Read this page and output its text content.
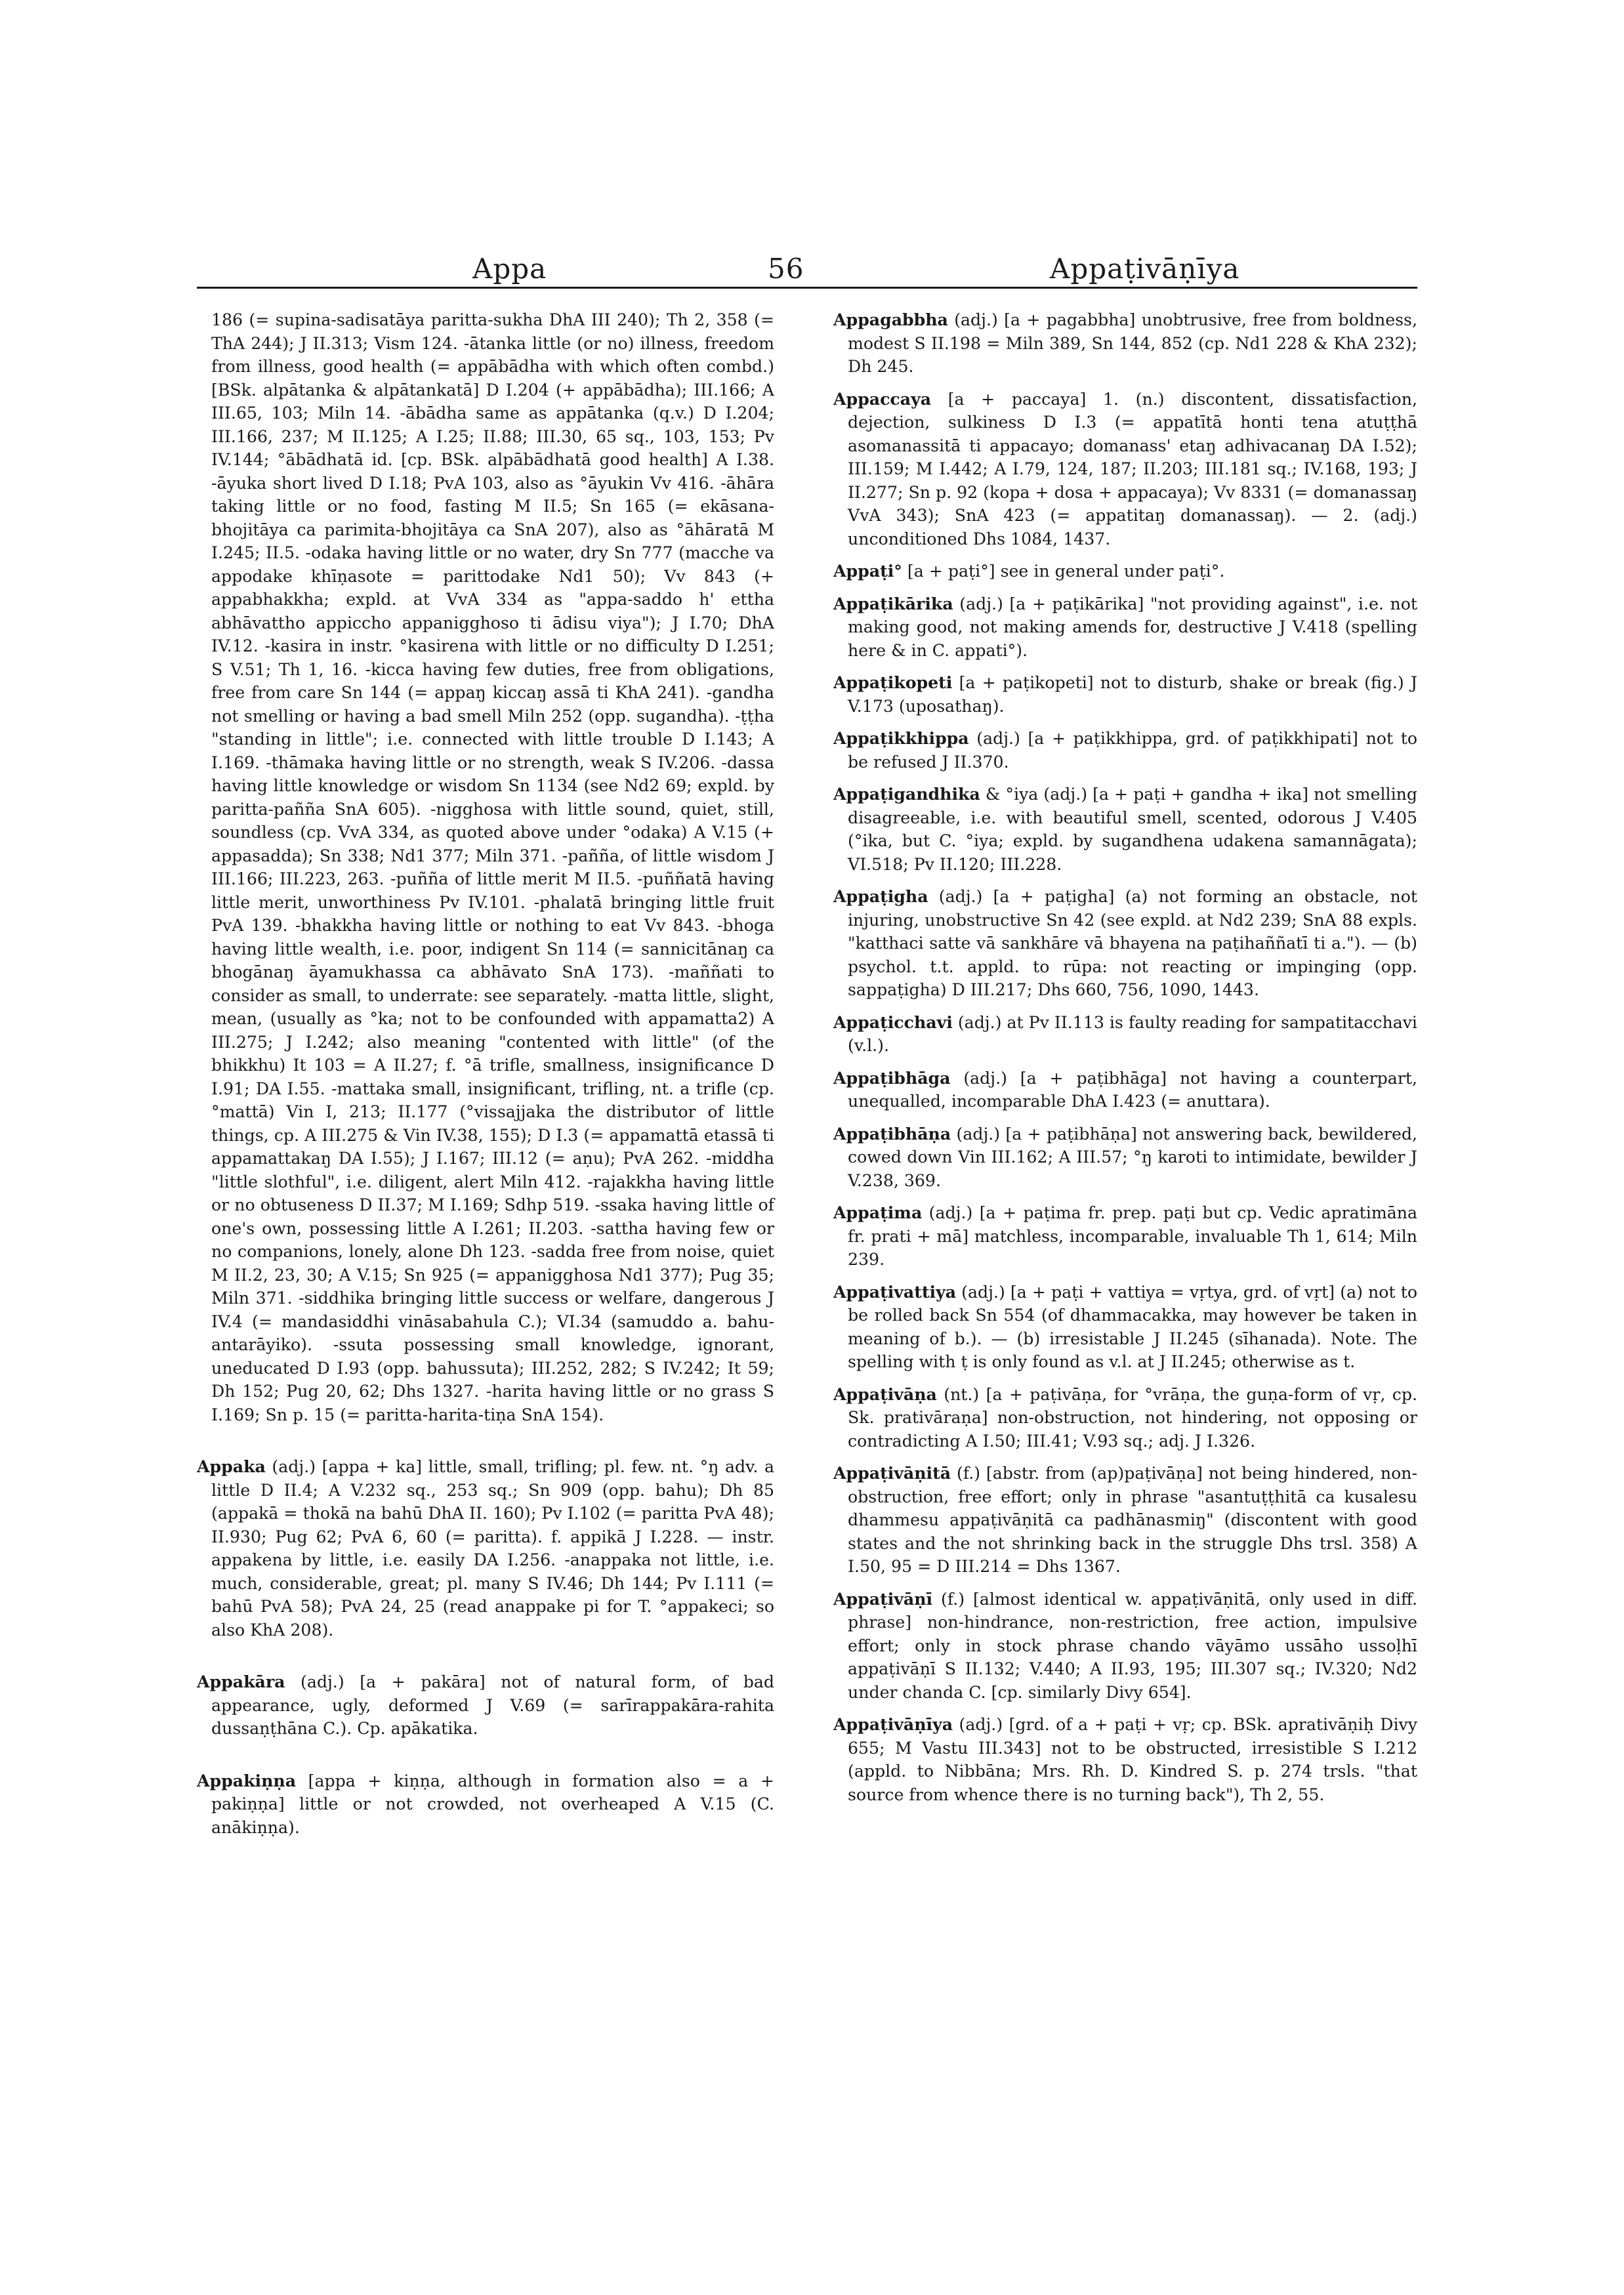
Appa	56	Appaṭivāṇīya

186 (= supina-sadisatāya paritta-sukha DhA III 240); Th 2, 358 (= ThA 244); J II.313; Vism 124. -ātanka little (or no) illness, freedom from illness, good health (= appābādha with which often combd.) [BSk. alpātanka & alpātankatā] D I.204 (+ appābādha); III.166; A III.65, 103; Miln 14. -ābādha same as appātanka (q.v.) D I.204; III.166, 237; M II.125; A I.25; II.88; III.30, 65 sq., 103, 153; Pv IV.144; °ābādhatā id. [cp. BSk. alpābādhatā good health] A I.38. -āyuka short lived D I.18; PvA 103, also as °āyukin Vv 416. -āhāra taking little or no food, fasting M II.5; Sn 165 (= ekāsana-bhojitāya ca parimita-bhojitāya ca SnA 207), also as °āhāratā M I.245; II.5. -odaka having little or no water, dry Sn 777 (macche va appodake khīṇasote = parittodake Nd1 50); Vv 843 (+ appabhakkha; expld. at VvA 334 as "appa-saddo h' ettha abhāvattho appiccho appanigghoso ti ādisu viya"); J I.70; DhA IV.12. -kasira in instr. °kasirena with little or no difficulty D I.251; S V.51; Th 1, 16. -kicca having few duties, free from obligations, free from care Sn 144 (= appaŋ kiccaŋ assā ti KhA 241). -gandha not smelling or having a bad smell Miln 252 (opp. sugandha). -ṭṭha "standing in little"; i.e. connected with little trouble D I.143; A I.169. -thāmaka having little or no strength, weak S IV.206. -dassa having little knowledge or wisdom Sn 1134 (see Nd2 69; expld. by paritta-pañña SnA 605). -nigghosa with little sound, quiet, still, soundless (cp. VvA 334, as quoted above under °odaka) A V.15 (+ appasadda); Sn 338; Nd1 377; Miln 371. -pañña, of little wisdom J III.166; III.223, 263. -puñña of little merit M II.5. -puññatā having little merit, unworthiness Pv IV.101. -phalatā bringing little fruit PvA 139. -bhakkha having little or nothing to eat Vv 843. -bhoga having little wealth, i.e. poor, indigent Sn 114 (= sannicitānaŋ ca bhogānaŋ āyamukhassa ca abhāvato SnA 173). -maññati to consider as small, to underrate: see separately. -matta little, slight, mean, (usually as °ka; not to be confounded with appamatta2) A III.275; J I.242; also meaning "contented with little" (of the bhikkhu) It 103 = A II.27; f. °ā trifle, smallness, insignificance D I.91; DA I.55. -mattaka small, insignificant, trifling, nt. a trifle (cp. °mattā) Vin I, 213; II.177 (°vissajjaka the distributor of little things, cp. A III.275 & Vin IV.38, 155); D I.3 (= appamattā etassā ti appamattakaŋ DA I.55); J I.167; III.12 (= aṇu); PvA 262. -middha "little slothful", i.e. diligent, alert Miln 412. -rajakkha having little or no obtuseness D II.37; M I.169; Sdhp 519. -ssaka having little of one's own, possessing little A I.261; II.203. -sattha having few or no companions, lonely, alone Dh 123. -sadda free from noise, quiet M II.2, 23, 30; A V.15; Sn 925 (= appanigghosa Nd1 377); Pug 35; Miln 371. -siddhika bringing little success or welfare, dangerous J IV.4 (= mandasiddhi vināsabahula C.); VI.34 (samuddo a. bahu-antarāyiko). -ssuta possessing small knowledge, ignorant, uneducated D I.93 (opp. bahussuta); III.252, 282; S IV.242; It 59; Dh 152; Pug 20, 62; Dhs 1327. -harita having little or no grass S I.169; Sn p. 15 (= paritta-harita-tiṇa SnA 154).

Appaka (adj.) [appa + ka] little, small, trifling; pl. few. nt. °ŋ adv. a little D II.4; A V.232 sq., 253 sq.; Sn 909 (opp. bahu); Dh 85 (appakā = thokā na bahū DhA II. 160); Pv I.102 (= paritta PvA 48); II.930; Pug 62; PvA 6, 60 (= paritta). f. appikā J I.228. — instr. appakena by little, i.e. easily DA I.256. -anappaka not little, i.e. much, considerable, great; pl. many S IV.46; Dh 144; Pv I.111 (= bahū PvA 58); PvA 24, 25 (read anappake pi for T. °appakeci; so also KhA 208).

Appakāra (adj.) [a + pakāra] not of natural form, of bad appearance, ugly, deformed J V.69 (= sarīrappakāra-rahita dussaṇṭhāna C.). Cp. apākatika.

Appakiṇṇa [appa + kiṇṇa, although in formation also = a + pakiṇṇa] little or not crowded, not overheaped A V.15 (C. anākiṇṇa).

Appagabbha (adj.) [a + pagabbha] unobtrusive, free from boldness, modest S II.198 = Miln 389, Sn 144, 852 (cp. Nd1 228 & KhA 232); Dh 245.

Appaccaya [a + paccaya] 1. (n.) discontent, dissatisfaction, dejection, sulkiness D I.3 (= appatītā honti tena atuṭṭhā asomanassitā ti appacayo; domanass' etaŋ adhivacanaŋ DA I.52); III.159; M I.442; A I.79, 124, 187; II.203; III.181 sq.; IV.168, 193; J II.277; Sn p. 92 (kopa + dosa + appacaya); Vv 8331 (= domanassaŋ VvA 343); SnA 423 (= appatitaŋ domanassaŋ). — 2. (adj.) unconditioned Dhs 1084, 1437.

Appaṭi° [a + paṭi°] see in general under paṭi°.

Appaṭikārika (adj.) [a + paṭikārika] "not providing against", i.e. not making good, not making amends for, destructive J V.418 (spelling here & in C. appati°).

Appaṭikopeti [a + paṭikopeti] not to disturb, shake or break (fig.) J V.173 (uposathaŋ).

Appaṭikkhippa (adj.) [a + paṭikkhippa, grd. of paṭikkhipati] not to be refused J II.370.

Appaṭigandhika & °iya (adj.) [a + paṭi + gandha + ika] not smelling disagreeable, i.e. with beautiful smell, scented, odorous J V.405 (°ika, but C. °iya; expld. by sugandhena udakena samannāgata); VI.518; Pv II.120; III.228.

Appaṭigha (adj.) [a + paṭigha] (a) not forming an obstacle, not injuring, unobstructive Sn 42 (see expld. at Nd2 239; SnA 88 expls. "katthaci satte vā sankhāre vā bhayena na paṭihaññatī ti a."). — (b) psychol. t.t. appld. to rūpa: not reacting or impinging (opp. sappaṭigha) D III.217; Dhs 660, 756, 1090, 1443.

Appaṭicchavi (adj.) at Pv II.113 is faulty reading for sampatitacchavi (v.l.).

Appaṭibhāga (adj.) [a + paṭibhāga] not having a counterpart, unequalled, incomparable DhA I.423 (= anuttara).

Appaṭibhāṇa (adj.) [a + paṭibhāṇa] not answering back, bewildered, cowed down Vin III.162; A III.57; °ŋ karoti to intimidate, bewilder J V.238, 369.

Appaṭima (adj.) [a + paṭima fr. prep. paṭi but cp. Vedic apratimāna fr. prati + mā] matchless, incomparable, invaluable Th 1, 614; Miln 239.

Appaṭivattiya (adj.) [a + paṭi + vattiya = vṛtya, grd. of vṛt] (a) not to be rolled back Sn 554 (of dhammacakka, may however be taken in meaning of b.). — (b) irresistable J II.245 (sīhanada). Note. The spelling with ṭ is only found as v.l. at J II.245; otherwise as t.

Appaṭivāṇa (nt.) [a + paṭivāṇa, for °vrāṇa, the guṇa-form of vṛ, cp. Sk. prativāraṇa] non-obstruction, not hindering, not opposing or contradicting A I.50; III.41; V.93 sq.; adj. J I.326.

Appaṭivāṇitā (f.) [abstr. from (ap)paṭivāṇa] not being hindered, non-obstruction, free effort; only in phrase "asantuṭṭhitā ca kusalesu dhammesu appaṭivāṇitā ca padhānasmiŋ" (discontent with good states and the not shrinking back in the struggle Dhs trsl. 358) A I.50, 95 = D III.214 = Dhs 1367.

Appaṭivāṇī (f.) [almost identical w. appaṭivāṇitā, only used in diff. phrase] non-hindrance, non-restriction, free action, impulsive effort; only in stock phrase chando vāyāmo ussāho ussoḷhī appaṭivāṇī S II.132; V.440; A II.93, 195; III.307 sq.; IV.320; Nd2 under chanda C. [cp. similarly Divy 654].

Appaṭivāṇīya (adj.) [grd. of a + paṭi + vṛ; cp. BSk. aprativāṇiḥ Divy 655; M Vastu III.343] not to be obstructed, irresistible S I.212 (appld. to Nibbāna; Mrs. Rh. D. Kindred S. p. 274 trsls. "that source from whence there is no turning back"), Th 2, 55.
